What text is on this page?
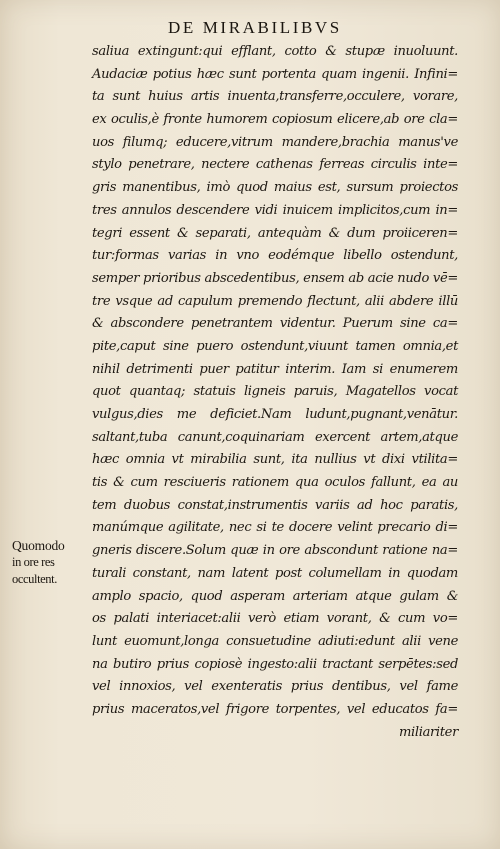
DE MIRABILIBVS
Quomodo
in ore res
occultent.
saliua extingunt:qui efflant, cotto & stupæ inuoluunt.
Audaciæ potius hæc sunt portenta quam ingenii. Infini=
ta sunt huius artis inuenta,transferre,occulere, vorare,
ex oculis,è fronte humorem copiosum elicere,ab ore cla=
uos filumq; educere,vitrum mandere,brachia manus've
stylo penetrare, nectere cathenas ferreas circulis inte=
gris manentibus, imò quod maius est, sursum proiectos
tres annulos descendere vidi inuicem implicitos,cum in=
tegri essent & separati, antequàm & dum proiiceren=
tur:formas varias in vno eodémque libello ostendunt,
semper prioribus abscedentibus, ensem ab acie nudo vē=
tre vsque ad capulum premendo flectunt, alii abdere illū
& abscondere penetrantem videntur. Puerum sine ca=
pite,caput sine puero ostendunt,viuunt tamen omnia,et
nihil detrimenti puer patitur interim. Iam si enumerem
quot quantaq; statuis ligneis paruis, Magatellos vocat
vulgus,dies me deficiet.Nam ludunt,pugnant,venātur.
saltant,tuba canunt,coquinariam exercent artem,atque
hæc omnia vt mirabilia sunt, ita nullius vt dixi vtilita=
tis & cum resciueris rationem qua oculos fallunt, ea au
tem duobus constat,instrumentis variis ad hoc paratis,
manúmque agilitate, nec si te docere velint precario di=
gneris discere.Solum quæ in ore abscondunt ratione na=
turali constant, nam latent post columellam in quodam
amplo spacio, quod asperam arteriam atque gulam &
os palati interiacet:alii verò etiam vorant, & cum vo=
lunt euomunt,longa consuetudine adiuti:edunt alii vene
na butiro prius copiosè ingesto:alii tractant serpētes:sed
vel innoxios, vel exenteratis prius dentibus, vel fame
prius maceratos,vel frigore torpentes, vel educatos fa=
miliariter
